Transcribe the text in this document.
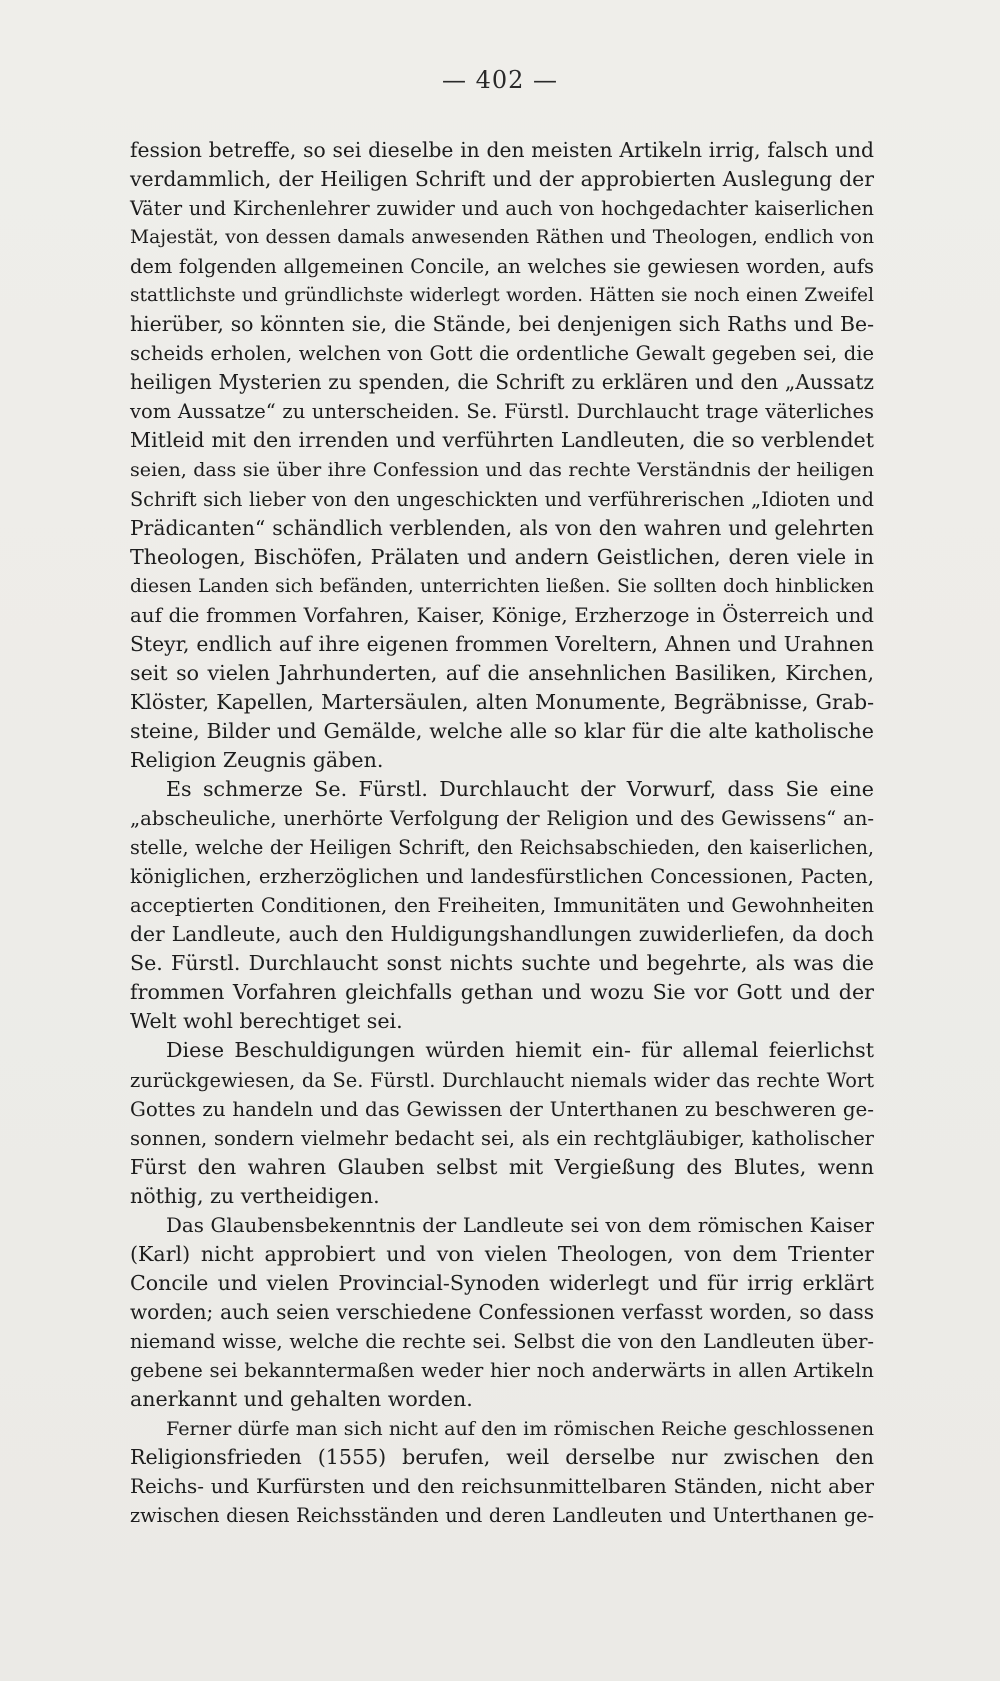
— 402 —
fession betreffe, so sei dieselbe in den meisten Artikeln irrig, falsch und
verdammlich, der Heiligen Schrift und der approbierten Auslegung der
Väter und Kirchenlehrer zuwider und auch von hochgedachter kaiserlichen
Majestät, von dessen damals anwesenden Räthen und Theologen, endlich von
dem folgenden allgemeinen Concile, an welches sie gewiesen worden, aufs
stattlichste und gründlichste widerlegt worden. Hätten sie noch einen Zweifel
hierüber, so könnten sie, die Stände, bei denjenigen sich Raths und Be-
scheids erholen, welchen von Gott die ordentliche Gewalt gegeben sei, die
heiligen Mysterien zu spenden, die Schrift zu erklären und den „Aussatz
vom Aussatze“ zu unterscheiden. Se. Fürstl. Durchlaucht trage väterliches
Mitleid mit den irrenden und verführten Landleuten, die so verblendet
seien, dass sie über ihre Confession und das rechte Verständnis der heiligen
Schrift sich lieber von den ungeschickten und verführerischen „Idioten und
Prädicanten“ schändlich verblenden, als von den wahren und gelehrten
Theologen, Bischöfen, Prälaten und andern Geistlichen, deren viele in
diesen Landen sich befänden, unterrichten ließen. Sie sollten doch hinblicken
auf die frommen Vorfahren, Kaiser, Könige, Erzherzoge in Österreich und
Steyr, endlich auf ihre eigenen frommen Voreltern, Ahnen und Urahnen
seit so vielen Jahrhunderten, auf die ansehnlichen Basiliken, Kirchen,
Klöster, Kapellen, Martersäulen, alten Monumente, Begräbnisse, Grab-
steine, Bilder und Gemälde, welche alle so klar für die alte katholische
Religion Zeugnis gäben.
Es schmerze Se. Fürstl. Durchlaucht der Vorwurf, dass Sie eine
„abscheuliche, unerhörte Verfolgung der Religion und des Gewissens“ an-
stelle, welche der Heiligen Schrift, den Reichsabschieden, den kaiserlichen,
königlichen, erzherzöglichen und landesfürstlichen Concessionen, Pacten,
acceptierten Conditionen, den Freiheiten, Immunitäten und Gewohnheiten
der Landleute, auch den Huldigungshandlungen zuwiderliefen, da doch
Se. Fürstl. Durchlaucht sonst nichts suchte und begehrte, als was die
frommen Vorfahren gleichfalls gethan und wozu Sie vor Gott und der
Welt wohl berechtiget sei.
Diese Beschuldigungen würden hiemit ein- für allemal feierlichst
zurückgewiesen, da Se. Fürstl. Durchlaucht niemals wider das rechte Wort
Gottes zu handeln und das Gewissen der Unterthanen zu beschweren ge-
sonnen, sondern vielmehr bedacht sei, als ein rechtgläubiger, katholischer
Fürst den wahren Glauben selbst mit Vergießung des Blutes, wenn
nöthig, zu vertheidigen.
Das Glaubensbekenntnis der Landleute sei von dem römischen Kaiser
(Karl) nicht approbiert und von vielen Theologen, von dem Trienter
Concile und vielen Provincial-Synoden widerlegt und für irrig erklärt
worden; auch seien verschiedene Confessionen verfasst worden, so dass
niemand wisse, welche die rechte sei. Selbst die von den Landleuten über-
gebene sei bekanntermaßen weder hier noch anderwärts in allen Artikeln
anerkannt und gehalten worden.
Ferner dürfe man sich nicht auf den im römischen Reiche geschlossenen
Religionsfrieden (1555) berufen, weil derselbe nur zwischen den
Reichs- und Kurfürsten und den reichsunmittelbaren Ständen, nicht aber
zwischen diesen Reichsständen und deren Landleuten und Unterthanen ge-
